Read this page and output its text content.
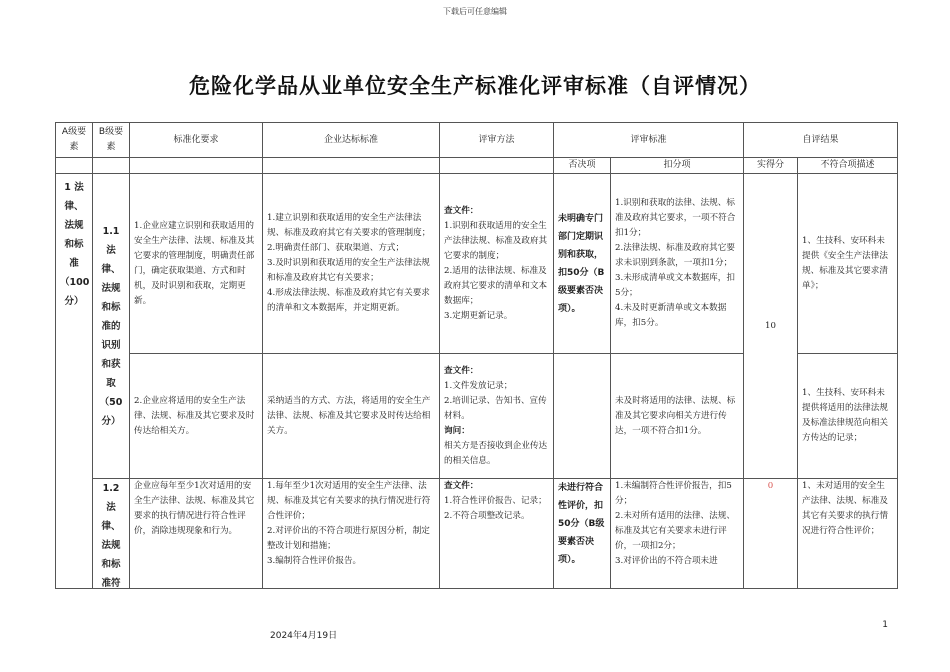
下载后可任意编辑
危险化学品从业单位安全生产标准化评审标准（自评情况）
A级要素	B级要素	标准化要求	企业达标标准	评审方法	评审标准		自评结果	
					否决项	扣分项	实得分	不符合项描述
1 法律、法规和标准（100分）	1.1 法律、法规和标准的识别和获取（50分）	1.企业应建立识别和获取适用的安全生产法律、法规、标准及其它要求的管理制度，明确责任部门，确定获取渠道、方式和时机，及时识别和获取，定期更新。	1.建立识别和获取适用的安全生产法律法规、标准及政府其它有关要求的管理制度；
2.明确责任部门、获取渠道、方式；
3.及时识别和获取适用的安全生产法律法规和标准及政府其它有关要求；
4.形成法律法规、标准及政府其它有关要求的清单和文本数据库，并定期更新。	查文件：
1.识别和获取适用的安全生产法律法规、标准及政府其它要求的制度；
2.适用的法律法规、标准及政府其它要求的清单和文本数据库；
3.定期更新记录。	未明确专门部门定期识别和获取，扣50分（B级要素否决项）。	1.识别和获取的法律、法规、标准及政府其它要求，一项不符合扣1分；
2.法律法规、标准及政府其它要求未识别到条款，一项扣1分；
3.未形成清单或文本数据库，扣5分；
4.未及时更新清单或文本数据库，扣5分。	10	1、生技科、安环科未提供《安全生产法律法规、标准及其它要求清单》；
		2.企业应将适用的安全生产法律、法规、标准及其它要求及时传达给相关方。	采纳适当的方式、方法，将适用的安全生产法律、法规、标准及其它要求及时传达给相关方。	查文件：
1.文件发放记录；
2.培训记录、告知书、宣传材料。
询问：
相关方是否接收到企业传达的相关信息。		未及时将适用的法律、法规、标准及其它要求向相关方进行传达，一项不符合扣1分。		1、生技科、安环科未提供将适用的法律法规及标准法律规范向相关方传达的记录；

	1.2 法律、法规和标准符	企业应每年至少1次对适用的安全生产法律、法规、标准及其它要求的执行情况进行符合性评价，消除违规现象和行为。	1.每年至少1次对适用的安全生产法律、法规、标准及其它有关要求的执行情况进行符合性评价；
2.对评价出的不符合项进行原因分析，制定整改计划和措施；
3.编制符合性评价报告。	查文件：
1.符合性评价报告、记录；
2.不符合项整改记录。	未进行符合性评价，扣50分（B级要素否决项）。	1.未编制符合性评价报告，扣5分；
2.未对所有适用的法律、法规、标准及其它有关要求未进行评价，一项扣2分；
3.对评价出的不符合项未进	0	1、未对适用的安全生产法律、法规、标准及其它有关要求的执行情况进行符合性评价；
1
2024年4月19日
